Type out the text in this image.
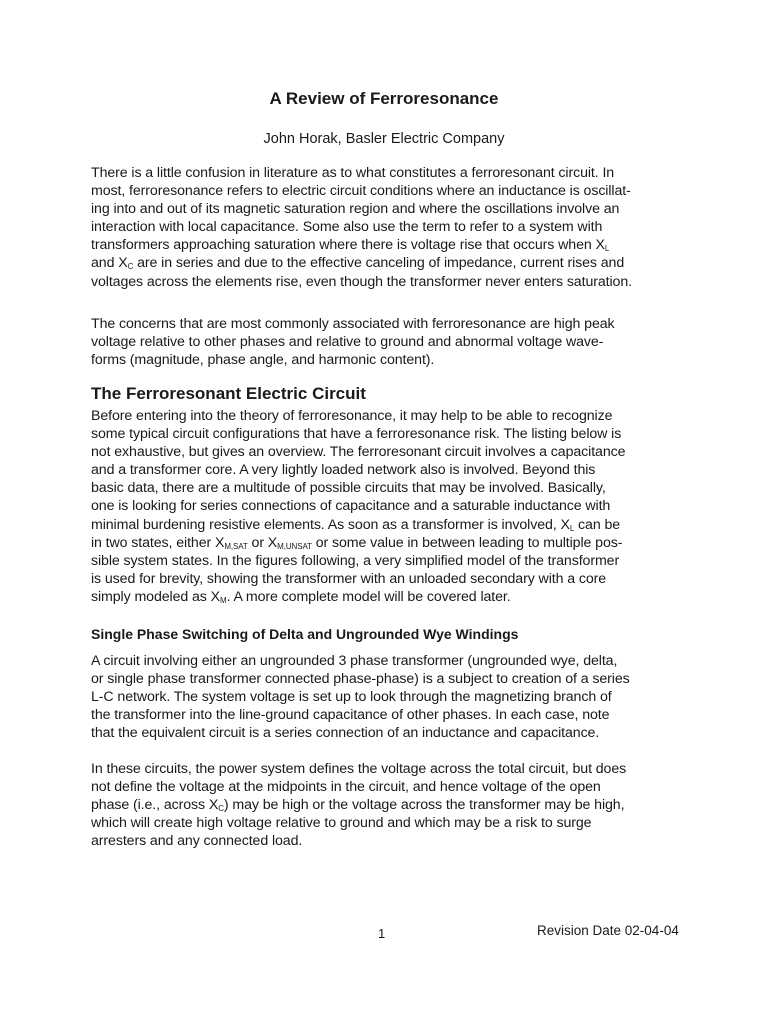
A Review of Ferroresonance

John Horak, Basler Electric Company

There is a little confusion in literature as to what constitutes a ferroresonant circuit. In
most, ferroresonance refers to electric circuit conditions where an inductance is oscillat-
ing into and out of its magnetic saturation region and where the oscillations involve an
interaction with local capacitance. Some also use the term to refer to a system with
transformers approaching saturation where there is voltage rise that occurs when $X_L$
and $X_C$ are in series and due to the effective canceling of impedance, current rises and
voltages across the elements rise, even though the transformer never enters saturation.

The concerns that are most commonly associated with ferroresonance are high peak
voltage relative to other phases and relative to ground and abnormal voltage wave-
forms (magnitude, phase angle, and harmonic content).

The Ferroresonant Electric Circuit

Before entering into the theory of ferroresonance, it may help to be able to recognize
some typical circuit configurations that have a ferroresonance risk. The listing below is
not exhaustive, but gives an overview. The ferroresonant circuit involves a capacitance
and a transformer core. A very lightly loaded network also is involved. Beyond this
basic data, there are a multitude of possible circuits that may be involved. Basically,
one is looking for series connections of capacitance and a saturable inductance with
minimal burdening resistive elements. As soon as a transformer is involved, $X_L$ can be
in two states, either $X_{M,SAT}$ or $X_{M,UNSAT}$ or some value in between leading to multiple pos-
sible system states. In the figures following, a very simplified model of the transformer
is used for brevity, showing the transformer with an unloaded secondary with a core
simply modeled as $X_M$. A more complete model will be covered later.

Single Phase Switching of Delta and Ungrounded Wye Windings

A circuit involving either an ungrounded 3 phase transformer (ungrounded wye, delta,
or single phase transformer connected phase-phase) is a subject to creation of a series
L-C network. The system voltage is set up to look through the magnetizing branch of
the transformer into the line-ground capacitance of other phases. In each case, note
that the equivalent circuit is a series connection of an inductance and capacitance.

In these circuits, the power system defines the voltage across the total circuit, but does
not define the voltage at the midpoints in the circuit, and hence voltage of the open
phase (i.e., across $X_C$) may be high or the voltage across the transformer may be high,
which will create high voltage relative to ground and which may be a risk to surge
arresters and any connected load.

1	Revision Date 02-04-04
